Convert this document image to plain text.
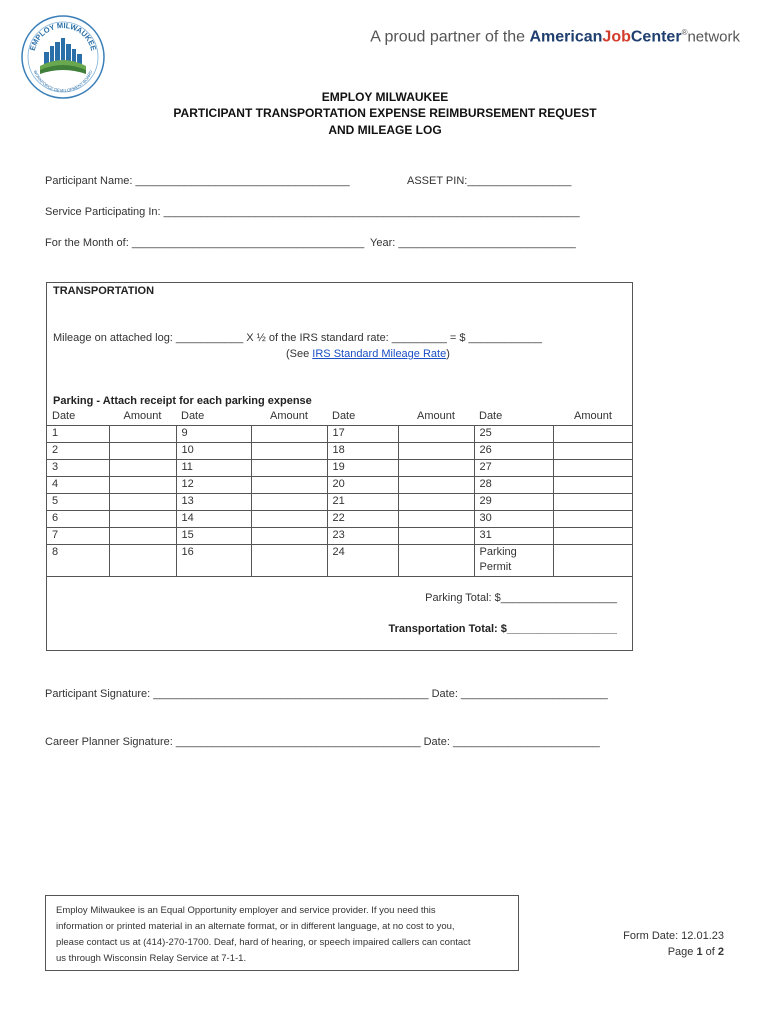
EMPLOY MILWAUKEE
WORKFORCE DEVELOPMENT BOARD
A proud partner of the AmericanJobCenter®network
EMPLOY MILWAUKEE
PARTICIPANT TRANSPORTATION EXPENSE REIMBURSEMENT REQUEST
AND MILEAGE LOG
Participant Name: ___________________________________	ASSET PIN:_________________
Service Participating In: ____________________________________________________________________
For the Month of: ______________________________________ Year: _____________________________
TRANSPORTATION
Mileage on attached log: ___________ X ½ of the IRS standard rate: _________ = $ ____________
(See IRS Standard Mileage Rate)
Parking - Attach receipt for each parking expense
Date	Amount	Date	Amount	Date	Amount	Date	Amount
1		9		17		25	
2		10		18		26	
3		11		19		27	
4		12		20		28	
5		13		21		29	
6		14		22		30	
7		15		23		31	
8		16		24		Parking
Permit	
Parking Total: $___________________
Transportation Total: $__________________
Participant Signature: _____________________________________________ Date: ________________________
Career Planner Signature: ________________________________________ Date: ________________________
Employ Milwaukee is an Equal Opportunity employer and service provider. If you need this
information or printed material in an alternate format, or in different language, at no cost to you,
please contact us at (414)-270-1700. Deaf, hard of hearing, or speech impaired callers can contact
us through Wisconsin Relay Service at 7-1-1.
Form Date: 12.01.23
Page 1 of 2
